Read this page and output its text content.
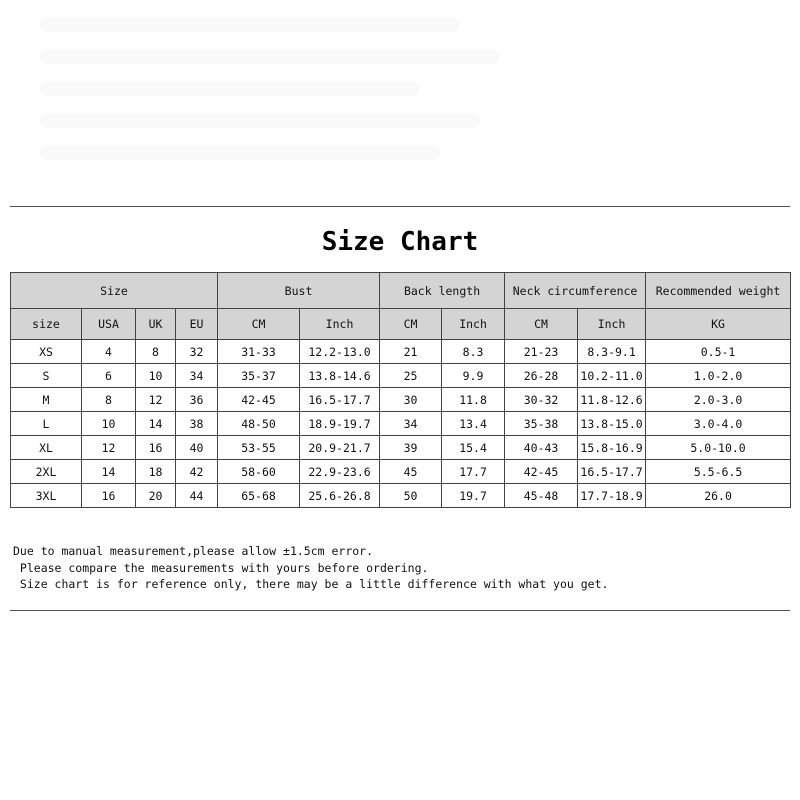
Size Chart
Size				Bust		Back length		Neck circumference		Recommended weight
size	USA	UK	EU	CM	Inch	CM	Inch	CM	Inch	KG
XS	4	8	32	31-33	12.2-13.0	21	8.3	21-23	8.3-9.1	0.5-1
S	6	10	34	35-37	13.8-14.6	25	9.9	26-28	10.2-11.0	1.0-2.0
M	8	12	36	42-45	16.5-17.7	30	11.8	30-32	11.8-12.6	2.0-3.0
L	10	14	38	48-50	18.9-19.7	34	13.4	35-38	13.8-15.0	3.0-4.0
XL	12	16	40	53-55	20.9-21.7	39	15.4	40-43	15.8-16.9	5.0-10.0
2XL	14	18	42	58-60	22.9-23.6	45	17.7	42-45	16.5-17.7	5.5-6.5
3XL	16	20	44	65-68	25.6-26.8	50	19.7	45-48	17.7-18.9	26.0
Due to manual measurement,please allow ±1.5cm error.
Please compare the measurements with yours before ordering.
Size chart is for reference only, there may be a little difference with what you get.
